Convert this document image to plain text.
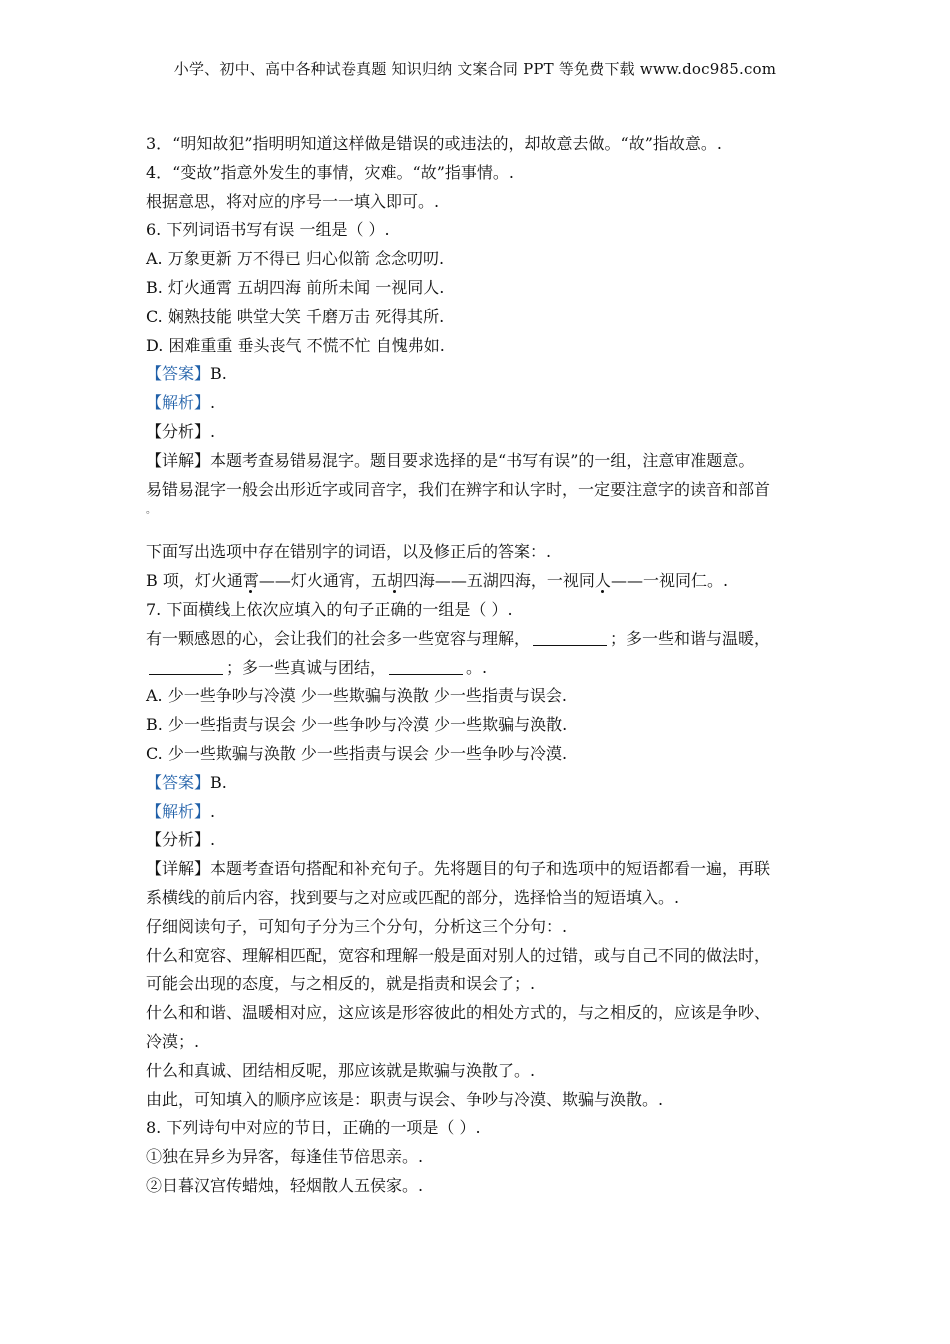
小学、初中、高中各种试卷真题 知识归纳 文案合同 PPT 等免费下载 www.doc985.com
3．“明知故犯”指明明知道这样做是错误的或违法的，却故意去做。“故”指故意。.
4．“变故”指意外发生的事情，灾难。“故”指事情。.
根据意思，将对应的序号一一填入即可。.
6. 下列词语书写有误 一组是（ ）.
A. 万象更新 万不得已 归心似箭 念念叨叨.
B. 灯火通霄 五胡四海 前所未闻 一视同人.
C. 娴熟技能 哄堂大笑 千磨万击 死得其所.
D. 困难重重 垂头丧气 不慌不忙 自愧弗如.
【答案】B.
【解析】.
【分析】.
【详解】本题考查易错易混字。题目要求选择的是“书写有误”的一组，注意审准题意。
易错易混字一般会出形近字或同音字，我们在辨字和认字时，一定要注意字的读音和部首
。
下面写出选项中存在错别字的词语，以及修正后的答案：.
B 项，灯火通霄——灯火通宵，五胡四海——五湖四海，一视同人——一视同仁。.
7. 下面横线上依次应填入的句子正确的一组是（ ）.
有一颗感恩的心，会让我们的社会多一些宽容与理解，	；多一些和谐与温暖，
；多一些真诚与团结，	。.
A. 少一些争吵与冷漠 少一些欺骗与涣散 少一些指责与误会.
B. 少一些指责与误会 少一些争吵与冷漠 少一些欺骗与涣散.
C. 少一些欺骗与涣散 少一些指责与误会 少一些争吵与冷漠.
【答案】B.
【解析】.
【分析】.
【详解】本题考查语句搭配和补充句子。先将题目的句子和选项中的短语都看一遍，再联
系横线的前后内容，找到要与之对应或匹配的部分，选择恰当的短语填入。.
仔细阅读句子，可知句子分为三个分句，分析这三个分句：.
什么和宽容、理解相匹配，宽容和理解一般是面对别人的过错，或与自己不同的做法时，
可能会出现的态度，与之相反的，就是指责和误会了；.
什么和和谐、温暖相对应，这应该是形容彼此的相处方式的，与之相反的，应该是争吵、
冷漠；.
什么和真诚、团结相反呢，那应该就是欺骗与涣散了。.
由此，可知填入的顺序应该是：职责与误会、争吵与冷漠、欺骗与涣散。.
8. 下列诗句中对应的节日，正确的一项是（ ）.
①独在异乡为异客，每逢佳节倍思亲。.
②日暮汉宫传蜡烛，轻烟散人五侯家。.
